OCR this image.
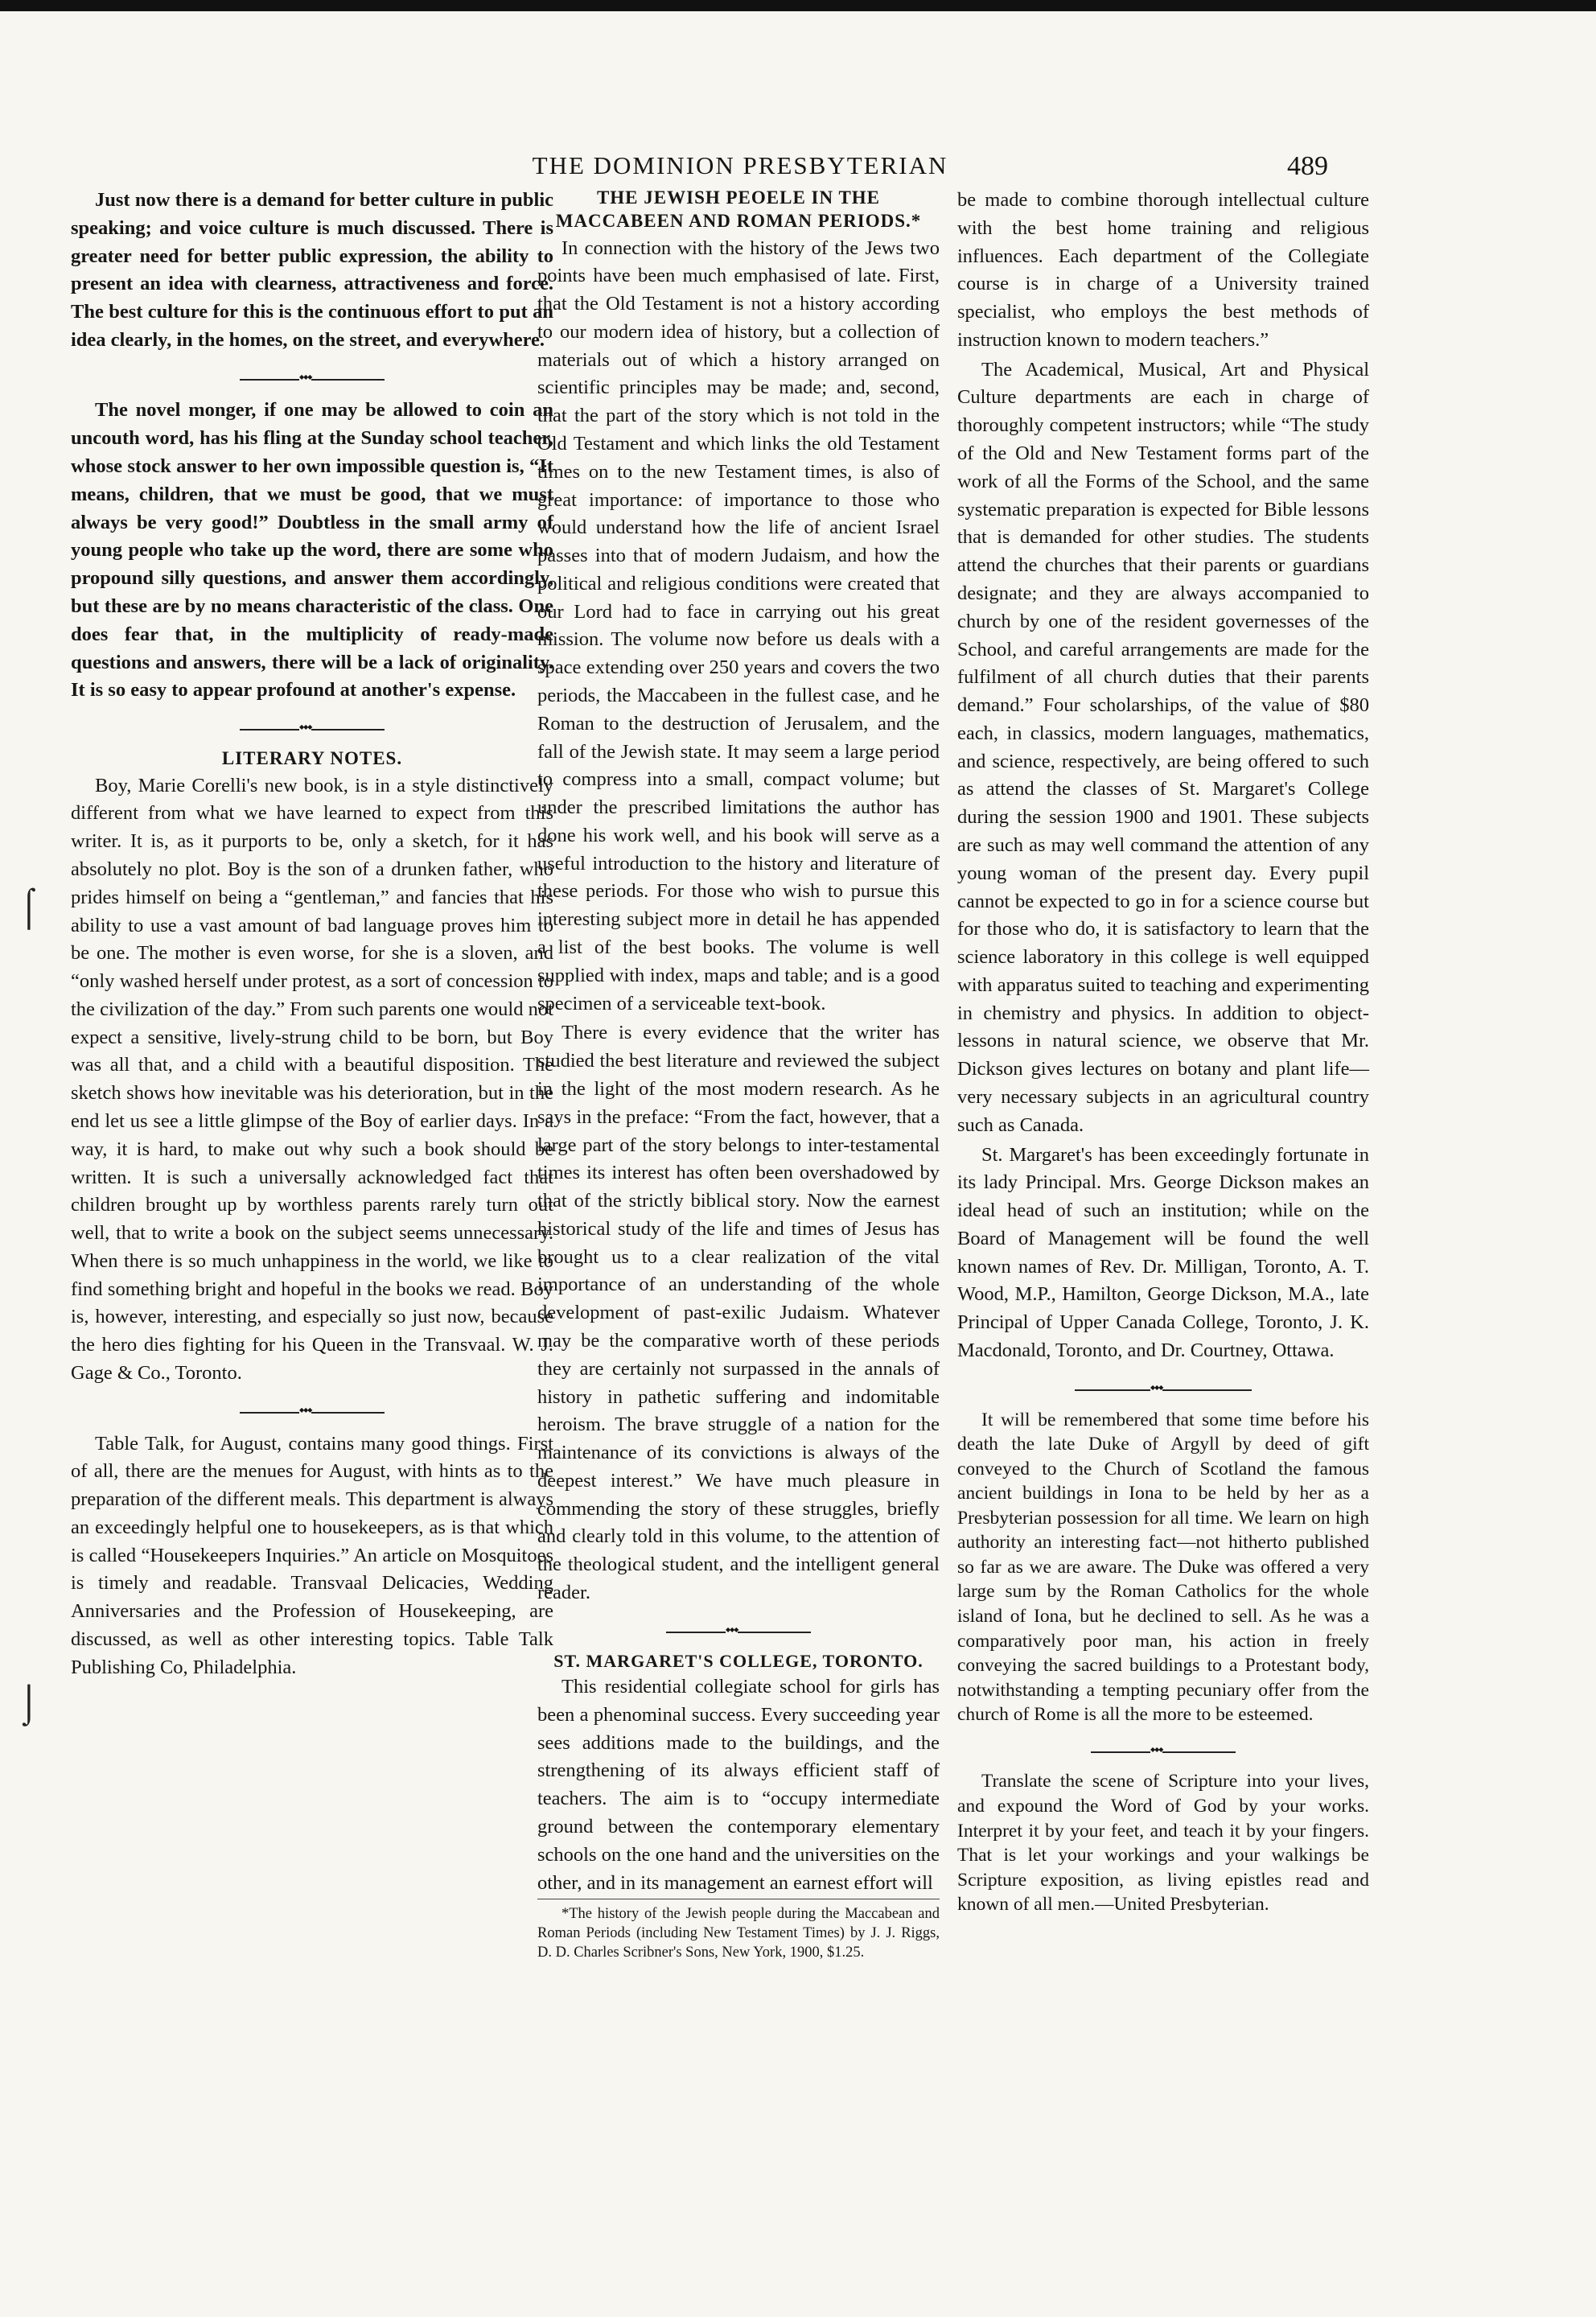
THE DOMINION PRESBYTERIAN	489
⌠
⌡

Just now there is a demand for better culture in public speaking; and voice culture is much discussed. There is greater need for better public expression, the ability to present an idea with clearness, attractiveness and force. The best culture for this is the continuous effort to put an idea clearly, in the homes, on the street, and everywhere.

◆◆◆

The novel monger, if one may be allowed to coin an uncouth word, has his fling at the Sunday school teacher, whose stock answer to her own impossible question is, “It means, children, that we must be good, that we must always be very good!” Doubtless in the small army of young people who take up the word, there are some who propound silly questions, and answer them accordingly, but these are by no means characteristic of the class. One does fear that, in the multiplicity of ready-made questions and answers, there will be a lack of originality. It is so easy to appear profound at another's expense.

◆◆◆
LITERARY NOTES.

Boy, Marie Corelli's new book, is in a style distinctively different from what we have learned to expect from this writer. It is, as it purports to be, only a sketch, for it has absolutely no plot. Boy is the son of a drunken father, who prides himself on being a “gentleman,” and fancies that his ability to use a vast amount of bad language proves him to be one. The mother is even worse, for she is a sloven, and “only washed herself under protest, as a sort of concession to the civilization of the day.” From such parents one would not expect a sensitive, lively-strung child to be born, but Boy was all that, and a child with a beautiful disposition. The sketch shows how inevitable was his deterioration, but in the end let us see a little glimpse of the Boy of earlier days. In a way, it is hard, to make out why such a book should be written. It is such a universally acknowledged fact that children brought up by worthless parents rarely turn out well, that to write a book on the subject seems unnecessary. When there is so much unhappiness in the world, we like to find something bright and hopeful in the books we read. Boy is, however, interesting, and especially so just now, because the hero dies fighting for his Queen in the Transvaal. W. J. Gage & Co., Toronto.

◆◆◆

Table Talk, for August, contains many good things. First of all, there are the menues for August, with hints as to the preparation of the different meals. This department is always an exceedingly helpful one to housekeepers, as is that which is called “Housekeepers Inquiries.” An article on Mosquitoes is timely and readable. Transvaal Delicacies, Wedding Anniversaries and the Profession of Housekeeping, are discussed, as well as other interesting topics. Table Talk Publishing Co, Philadelphia.

THE JEWISH PEOELE IN THE MACCABEEN AND ROMAN PERIODS.*

In connection with the history of the Jews two points have been much emphasised of late. First, that the Old Testament is not a history according to our modern idea of history, but a collection of materials out of which a history arranged on scientific principles may be made; and, second, that the part of the story which is not told in the Old Testament and which links the old Testament times on to the new Testament times, is also of great importance: of importance to those who would understand how the life of ancient Israel passes into that of modern Judaism, and how the political and religious conditions were created that our Lord had to face in carrying out his great mission. The volume now before us deals with a space extending over 250 years and covers the two periods, the Maccabeen in the fullest case, and he Roman to the destruction of Jerusalem, and the fall of the Jewish state. It may seem a large period to compress into a small, compact volume; but under the prescribed limitations the author has done his work well, and his book will serve as a useful introduction to the history and literature of these periods. For those who wish to pursue this interesting subject more in detail he has appended a list of the best books. The volume is well supplied with index, maps and table; and is a good specimen of a serviceable text-book.

There is every evidence that the writer has studied the best literature and reviewed the subject in the light of the most modern research. As he says in the preface: “From the fact, however, that a large part of the story belongs to inter-testamental times its interest has often been overshadowed by that of the strictly biblical story. Now the earnest historical study of the life and times of Jesus has brought us to a clear realization of the vital importance of an understanding of the whole development of past-exilic Judaism. Whatever may be the comparative worth of these periods they are certainly not surpassed in the annals of history in pathetic suffering and indomitable heroism. The brave struggle of a nation for the maintenance of its convictions is always of the deepest interest.” We have much pleasure in commending the story of these struggles, briefly and clearly told in this volume, to the attention of the theological student, and the intelligent general reader.

◆◆◆
ST. MARGARET'S COLLEGE, TORONTO.

This residential collegiate school for girls has been a phenominal success. Every succeeding year sees additions made to the buildings, and the strengthening of its always efficient staff of teachers. The aim is to “occupy intermediate ground between the contemporary elementary schools on the one hand and the universities on the other, and in its management an earnest effort will

*The history of the Jewish people during the Maccabean and Roman Periods (including New Testament Times) by J. J. Riggs, D. D. Charles Scribner's Sons, New York, 1900, $1.25.

be made to combine thorough intellectual culture with the best home training and religious influences. Each department of the Collegiate course is in charge of a University trained specialist, who employs the best methods of instruction known to modern teachers.”

The Academical, Musical, Art and Physical Culture departments are each in charge of thoroughly competent instructors; while “The study of the Old and New Testament forms part of the work of all the Forms of the School, and the same systematic preparation is expected for Bible lessons that is demanded for other studies. The students attend the churches that their parents or guardians designate; and they are always accompanied to church by one of the resident governesses of the School, and careful arrangements are made for the fulfilment of all church duties that their parents demand.” Four scholarships, of the value of $80 each, in classics, modern languages, mathematics, and science, respectively, are being offered to such as attend the classes of St. Margaret's College during the session 1900 and 1901. These subjects are such as may well command the attention of any young woman of the present day. Every pupil cannot be expected to go in for a science course but for those who do, it is satisfactory to learn that the science laboratory in this college is well equipped with apparatus suited to teaching and experimenting in chemistry and physics. In addition to object-lessons in natural science, we observe that Mr. Dickson gives lectures on botany and plant life—very necessary subjects in an agricultural country such as Canada.

St. Margaret's has been exceedingly fortunate in its lady Principal. Mrs. George Dickson makes an ideal head of such an institution; while on the Board of Management will be found the well known names of Rev. Dr. Milligan, Toronto, A. T. Wood, M.P., Hamilton, George Dickson, M.A., late Principal of Upper Canada College, Toronto, J. K. Macdonald, Toronto, and Dr. Courtney, Ottawa.

◆◆◆

It will be remembered that some time before his death the late Duke of Argyll by deed of gift conveyed to the Church of Scotland the famous ancient buildings in Iona to be held by her as a Presbyterian possession for all time. We learn on high authority an interesting fact—not hitherto published so far as we are aware. The Duke was offered a very large sum by the Roman Catholics for the whole island of Iona, but he declined to sell. As he was a comparatively poor man, his action in freely conveying the sacred buildings to a Protestant body, notwithstanding a tempting pecuniary offer from the church of Rome is all the more to be esteemed.

◆◆◆

Translate the scene of Scripture into your lives, and expound the Word of God by your works. Interpret it by your feet, and teach it by your fingers. That is let your workings and your walkings be Scripture exposition, as living epistles read and known of all men.—United Presbyterian.
